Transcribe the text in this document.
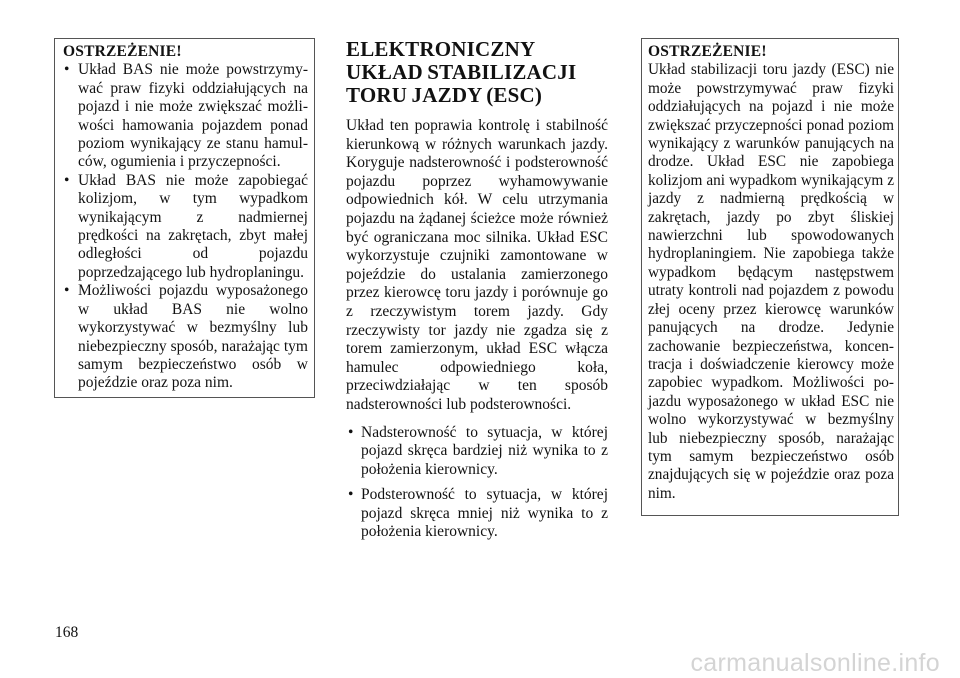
OSTRZEŻENIE!
• Układ BAS nie może powstrzymywać praw fizyki oddziałujących na pojazd i nie może zwiększać możliwości hamowania pojazdem ponad poziom wynikający ze stanu hamulców, ogumienia i przyczepności.
• Układ BAS nie może zapobiegać kolizjom, w tym wypadkom wynikającym z nadmiernej prędkości na zakrętach, zbyt małej odległości od pojazdu poprzedzającego lub hydroplaningu.
• Możliwości pojazdu wyposażonego w układ BAS nie wolno wykorzystywać w bezmyślny lub niebezpieczny sposób, narażając tym samym bezpieczeństwo osób w pojeździe oraz poza nim.
ELEKTRONICZNY UKŁAD STABILIZACJI TORU JAZDY (ESC)

Układ ten poprawia kontrolę i stabilność kierunkową w różnych warunkach jazdy. Koryguje nadsterowność i podsterowność pojazdu poprzez wyhamowywanie odpowiednich kół. W celu utrzymania pojazdu na żądanej ścieżce może również być ograniczana moc silnika. Układ ESC wykorzystuje czujniki zamontowane w pojeździe do ustalania zamierzonego przez kierowcę toru jazdy i porównuje go z rzeczywistym torem jazdy. Gdy rzeczywisty tor jazdy nie zgadza się z torem zamierzonym, układ ESC włącza hamulec odpowiedniego koła, przeciwdziałając w ten sposób nadsterowności lub podsterowności.

• Nadsterowność to sytuacja, w której pojazd skręca bardziej niż wynika to z położenia kierownicy.
• Podsterowność to sytuacja, w której pojazd skręca mniej niż wynika to z położenia kierownicy.
OSTRZEŻENIE!

Układ stabilizacji toru jazdy (ESC) nie może powstrzymywać praw fizyki oddziałujących na pojazd i nie może zwiększać przyczepności ponad poziom wynikający z warunków panujących na drodze. Układ ESC nie zapobiega kolizjom ani wypadkom wynikającym z jazdy z nadmierną prędkością w zakrętach, jazdy po zbyt śliskiej nawierzchni lub spowodowanych hydroplaningiem. Nie zapobiega także wypadkom będącym następstwem utraty kontroli nad pojazdem z powodu złej oceny przez kierowcę warunków panujących na drodze. Jedynie zachowanie bezpieczeństwa, koncentracja i doświadczenie kierowcy może zapobiec wypadkom. Możliwości pojazdu wyposażonego w układ ESC nie wolno wykorzystywać w bezmyślny lub niebezpieczny sposób, narażając tym samym bezpieczeństwo osób znajdujących się w pojeździe oraz poza nim.

168
carmanualsonline.info
